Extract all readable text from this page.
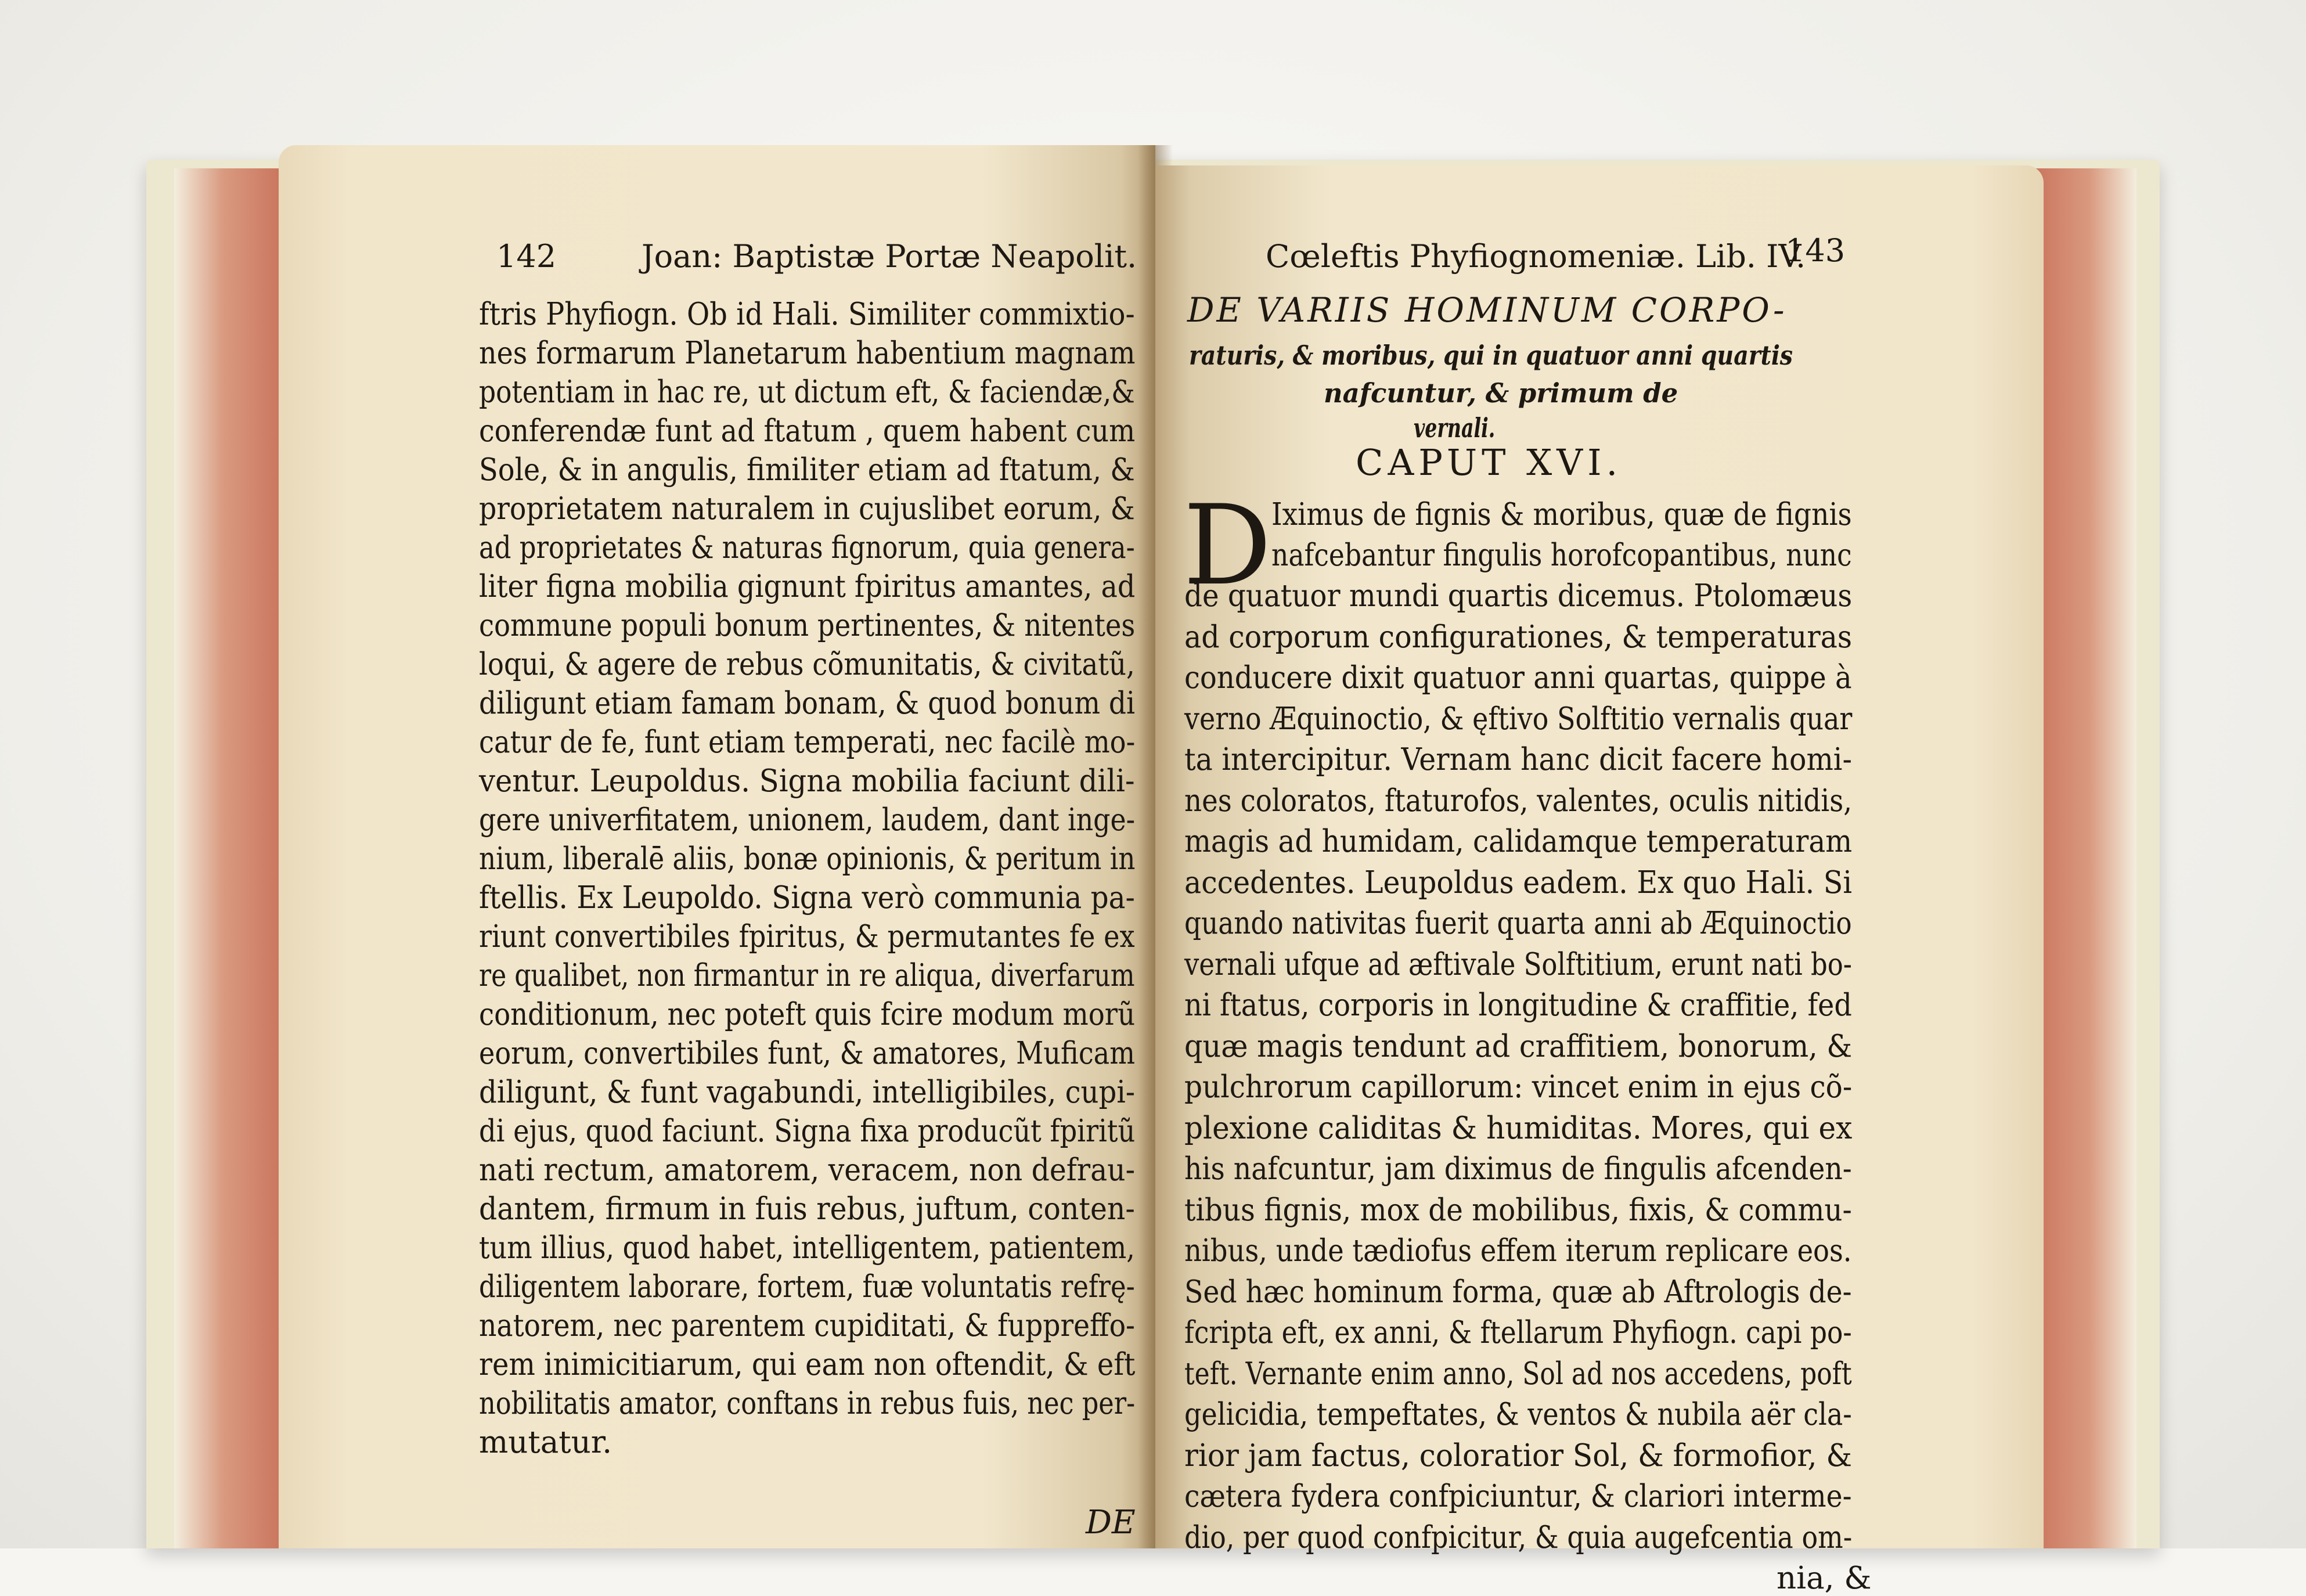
142	Joan: Baptistæ Portæ Neapolit.
ftris Phyfiogn. Ob id Hali. Similiter commixtio-
nes formarum Planetarum habentium magnam
potentiam in hac re, ut dictum eft, & faciendæ,&
conferendæ funt ad ftatum , quem habent cum
Sole, & in angulis, fimiliter etiam ad ftatum, &
proprietatem naturalem in cujuslibet eorum, &
ad proprietates & naturas fignorum, quia genera-
liter figna mobilia gignunt fpiritus amantes, ad
commune populi bonum pertinentes, & nitentes
loqui, & agere de rebus cõmunitatis, & civitatũ,
diligunt etiam famam bonam, & quod bonum di
catur de fe, funt etiam temperati, nec facilè mo-
ventur. Leupoldus. Signa mobilia faciunt dili-
gere univerfitatem, unionem, laudem, dant inge-
nium, liberalē aliis, bonæ opinionis, & peritum in
ftellis. Ex Leupoldo. Signa verò communia pa-
riunt convertibiles fpiritus, & permutantes fe ex
re qualibet, non firmantur in re aliqua, diverfarum
conditionum, nec poteft quis fcire modum morũ
eorum, convertibiles funt, & amatores, Muficam
diligunt, & funt vagabundi, intelligibiles, cupi-
di ejus, quod faciunt. Signa fixa producũt fpiritũ
nati rectum, amatorem, veracem, non defrau-
dantem, firmum in fuis rebus, juftum, conten-
tum illius, quod habet, intelligentem, patientem,
diligentem laborare, fortem, fuæ voluntatis refrę-
natorem, nec parentem cupiditati, & fuppreffo-
rem inimicitiarum, qui eam non oftendit, & eft
nobilitatis amator, conftans in rebus fuis, nec per-
mutatur.
DE
Cœleftis Phyfiognomeniæ. Lib. IV.
143
DE VARIIS HOMINUM CORPO-
raturis, & moribus, qui in quatuor anni quartis
nafcuntur, & primum de
vernali.
CAPUT XVI.
D Iximus de fignis & moribus, quæ de fignis
nafcebantur fingulis horofcopantibus, nunc
de quatuor mundi quartis dicemus. Ptolomæus
ad corporum configurationes, & temperaturas
conducere dixit quatuor anni quartas, quippe à
verno Æquinoctio, & ęftivo Solftitio vernalis quar
ta intercipitur. Vernam hanc dicit facere homi-
nes coloratos, ftaturofos, valentes, oculis nitidis,
magis ad humidam, calidamque temperaturam
accedentes. Leupoldus eadem. Ex quo Hali. Si
quando nativitas fuerit quarta anni ab Æquinoctio
vernali ufque ad æftivale Solftitium, erunt nati bo-
ni ftatus, corporis in longitudine & craffitie, fed
quæ magis tendunt ad craffitiem, bonorum, &
pulchrorum capillorum: vincet enim in ejus cõ-
plexione caliditas & humiditas. Mores, qui ex
his nafcuntur, jam diximus de fingulis afcenden-
tibus fignis, mox de mobilibus, fixis, & commu-
nibus, unde tædiofus effem iterum replicare eos.
Sed hæc hominum forma, quæ ab Aftrologis de-
fcripta eft, ex anni, & ftellarum Phyfiogn. capi po-
teft. Vernante enim anno, Sol ad nos accedens, poft
gelicidia, tempeftates, & ventos & nubila aër cla-
rior jam factus, coloratior Sol, & formofior, &
cætera fydera confpiciuntur, & clariori interme-
dio, per quod confpicitur, & quia augefcentia om-
nia, &
